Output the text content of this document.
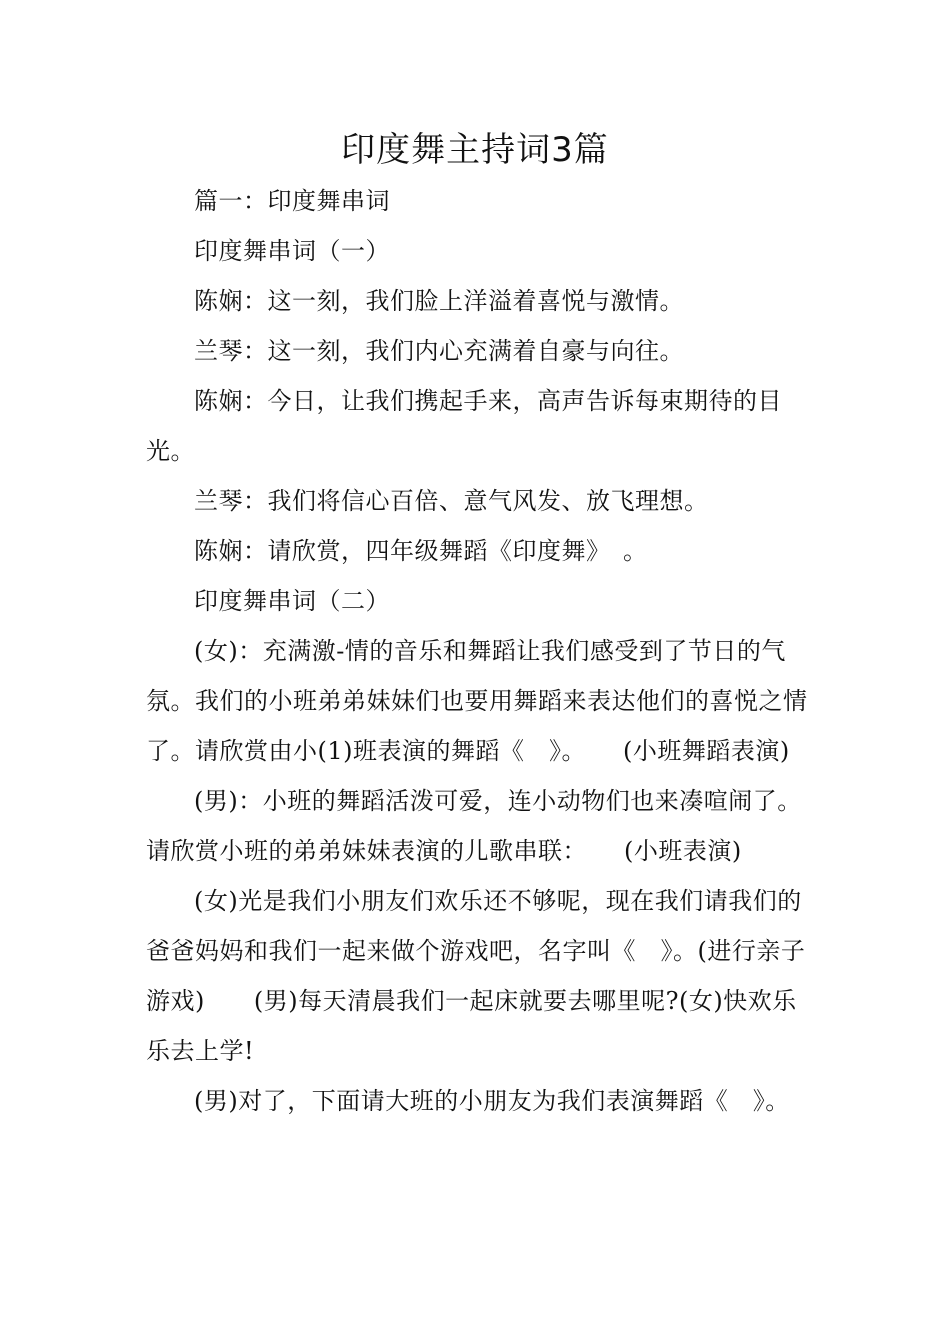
印度舞主持词3篇

篇一：印度舞串词

印度舞串词（一）

陈娴：这一刻，我们脸上洋溢着喜悦与激情。

兰琴：这一刻，我们内心充满着自豪与向往。

陈娴：今日，让我们携起手来，高声告诉每束期待的目光。

兰琴：我们将信心百倍、意气风发、放飞理想。

陈娴：请欣赏，四年级舞蹈《印度舞》　。

印度舞串词（二）

(女)：充满激-情的音乐和舞蹈让我们感受到了节日的气氛。我们的小班弟弟妹妹们也要用舞蹈来表达他们的喜悦之情了。请欣赏由小(1)班表演的舞蹈《　》。　　(小班舞蹈表演)

(男)：小班的舞蹈活泼可爱，连小动物们也来凑喧闹了。请欣赏小班的弟弟妹妹表演的儿歌串联：　　(小班表演)

(女)光是我们小朋友们欢乐还不够呢，现在我们请我们的爸爸妈妈和我们一起来做个游戏吧，名字叫《　》。(进行亲子游戏)　　(男)每天清晨我们一起床就要去哪里呢?(女)快欢乐乐去上学!

(男)对了，下面请大班的小朋友为我们表演舞蹈《　》。
